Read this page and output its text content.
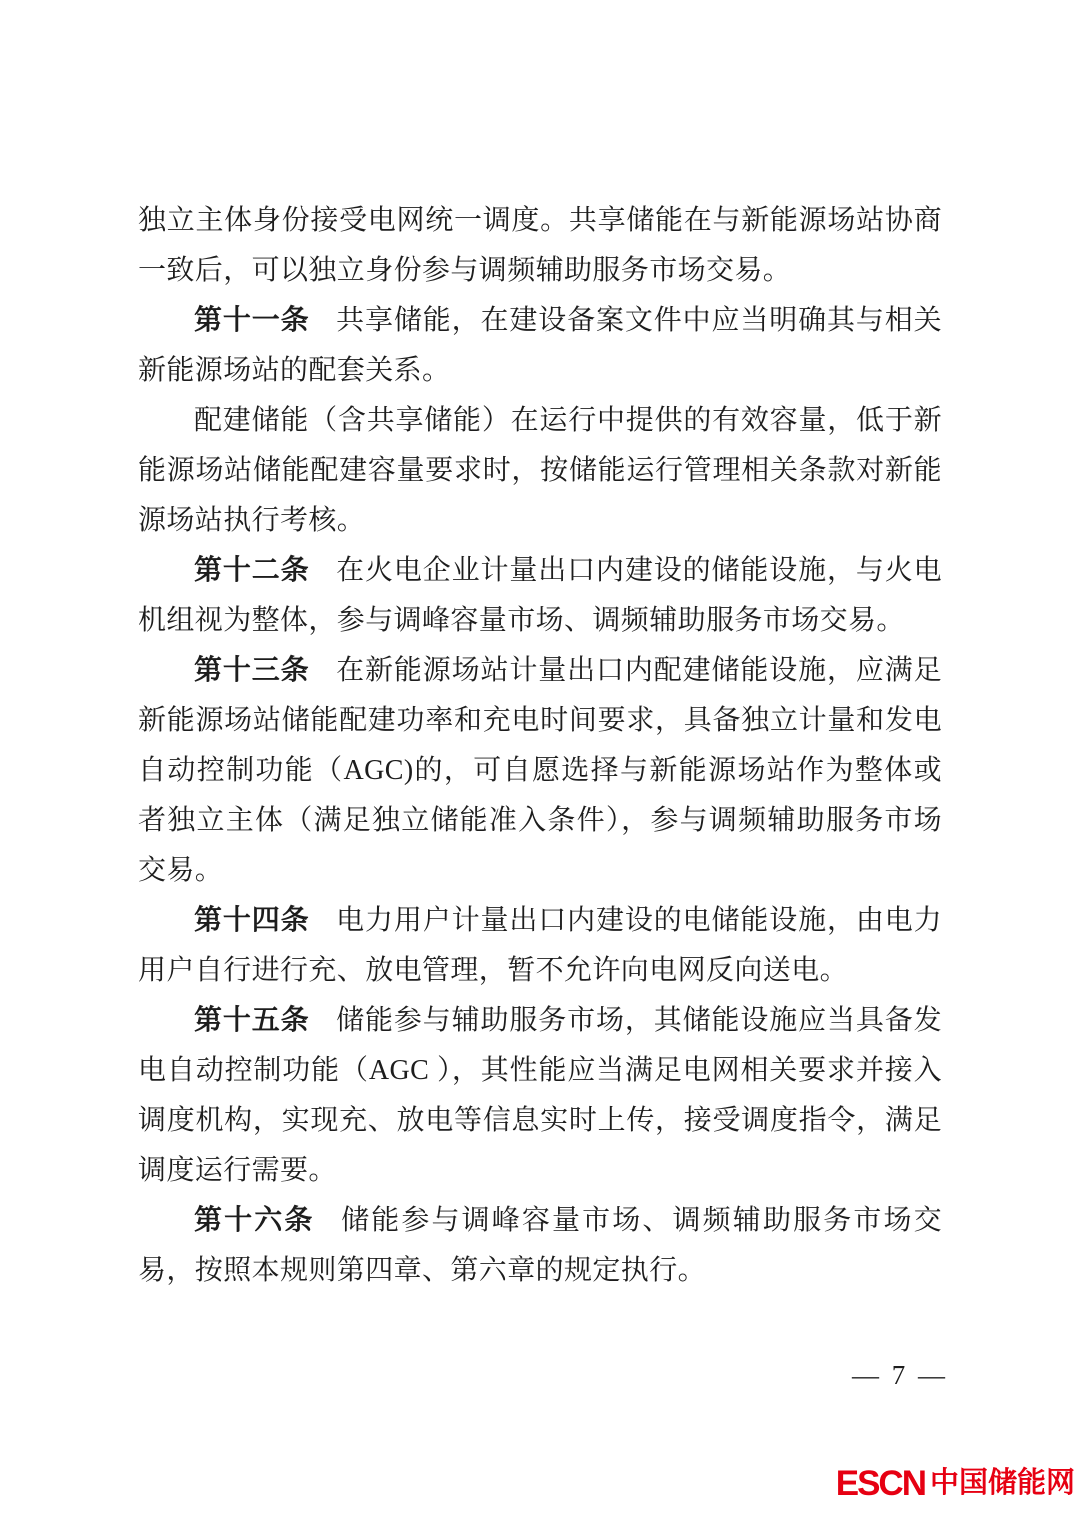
独立主体身份接受电网统一调度。共享储能在与新能源场站协商一致后，可以独立身份参与调频辅助服务市场交易。

第十一条 共享储能，在建设备案文件中应当明确其与相关新能源场站的配套关系。

配建储能（含共享储能）在运行中提供的有效容量，低于新能源场站储能配建容量要求时，按储能运行管理相关条款对新能源场站执行考核。

第十二条 在火电企业计量出口内建设的储能设施，与火电机组视为整体，参与调峰容量市场、调频辅助服务市场交易。

第十三条 在新能源场站计量出口内配建储能设施，应满足新能源场站储能配建功率和充电时间要求，具备独立计量和发电自动控制功能（AGC)的，可自愿选择与新能源场站作为整体或者独立主体（满足独立储能准入条件），参与调频辅助服务市场交易。

第十四条 电力用户计量出口内建设的电储能设施，由电力用户自行进行充、放电管理，暂不允许向电网反向送电。

第十五条 储能参与辅助服务市场，其储能设施应当具备发电自动控制功能（AGC ），其性能应当满足电网相关要求并接入调度机构，实现充、放电等信息实时上传，接受调度指令，满足调度运行需要。

第十六条 储能参与调峰容量市场、调频辅助服务市场交易，按照本规则第四章、第六章的规定执行。

— 7 —
ESCN 中国储能网
